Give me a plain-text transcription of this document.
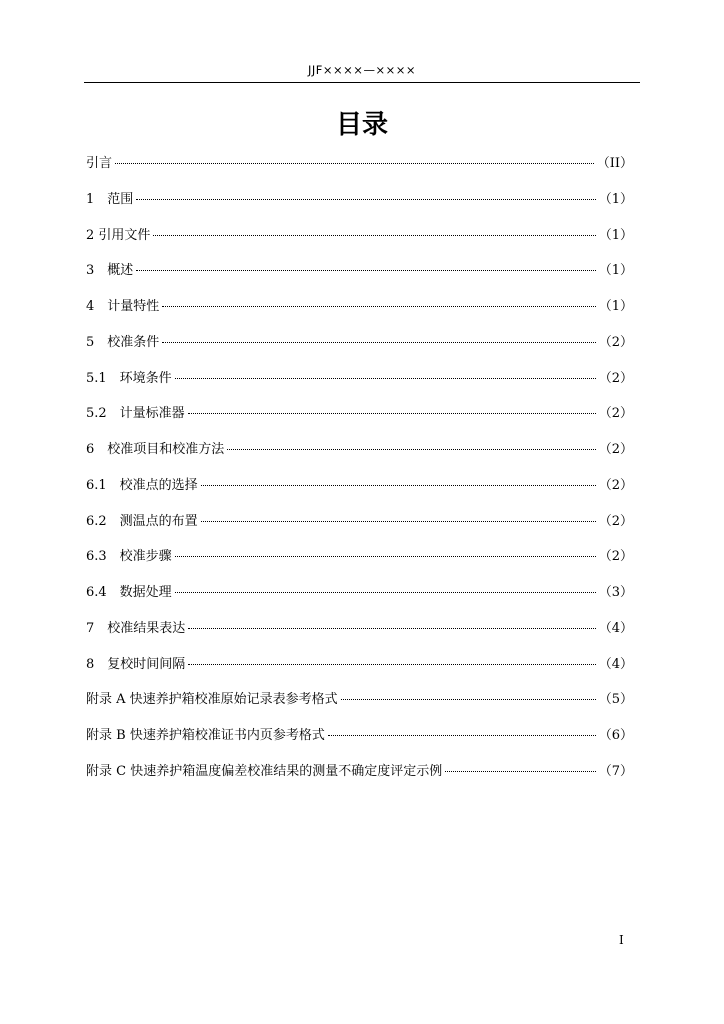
JJF××××—××××
目录
引言	（II）
1　范围	（1）
2 引用文件	（1）
3　概述	（1）
4　计量特性	（1）
5　校准条件	（2）
5.1　环境条件	（2）
5.2　计量标准器	（2）
6　校准项目和校准方法	（2）
6.1　校准点的选择	（2）
6.2　测温点的布置	（2）
6.3　校准步骤	（2）
6.4　数据处理	（3）
7　校准结果表达	（4）
8　复校时间间隔	（4）
附录 A 快速养护箱校准原始记录表参考格式	（5）
附录 B 快速养护箱校准证书内页参考格式	（6）
附录 C 快速养护箱温度偏差校准结果的测量不确定度评定示例	（7）
I
